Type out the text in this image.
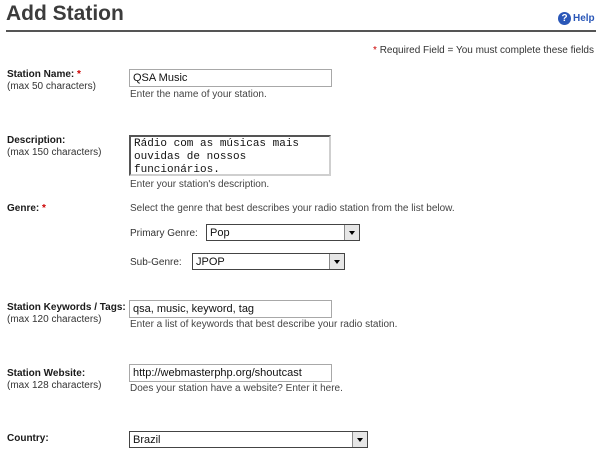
Add Station	? Help
* Required Field = You must complete these fields
Station Name: *
(max 50 characters)
QSA Music
Enter the name of your station.
Description:
(max 150 characters)
Rádio com as músicas mais ouvidas de nossos funcionários.
Enter your station's description.
Genre: *	Select the genre that best describes your radio station from the list below.
Primary Genre: Pop
Sub-Genre: JPOP
Station Keywords / Tags:
(max 120 characters)
qsa, music, keyword, tag	Enter a list of keywords that best describe your radio station.
Station Website:
(max 128 characters)
http://webmasterphp.org/shoutcast	Does your station have a website? Enter it here.
Country:	Brazil
